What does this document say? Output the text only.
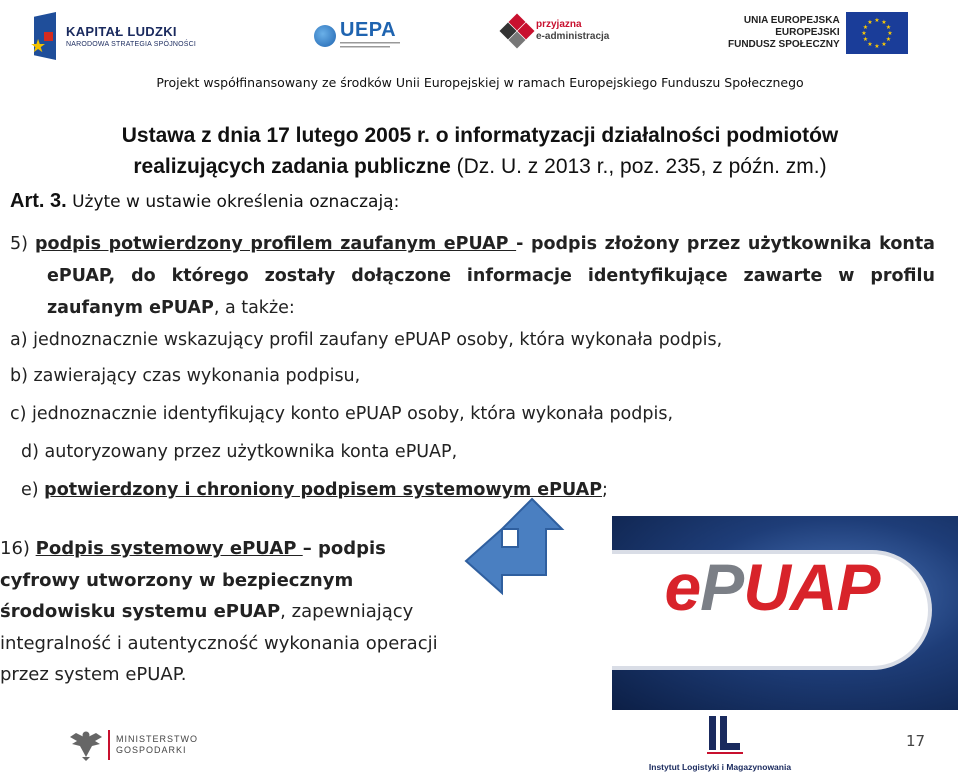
★
KAPITAŁ LUDZKI
NARODOWA STRATEGIA SPÓJNOŚCI
UEPA	przyjazna
e-administracja
UNIA EUROPEJSKA
EUROPEJSKI
FUNDUSZ SPOŁECZNY
★ ★
★
★
★
★
★
★
★
★
★
★
Projekt współfinansowany ze środków Unii Europejskiej w ramach Europejskiego Funduszu Społecznego
Ustawa z dnia 17 lutego 2005 r. o informatyzacji działalności podmiotów
realizujących zadania publiczne (Dz. U. z 2013 r., poz. 235, z późn. zm.)
Art. 3. Użyte w ustawie określenia oznaczają:
5) podpis potwierdzony profilem zaufanym ePUAP - podpis złożony przez użytkownika konta ePUAP, do którego zostały dołączone informacje identyfikujące zawarte w profilu zaufanym ePUAP, a także:
a) jednoznacznie wskazujący profil zaufany ePUAP osoby, która wykonała podpis,
b) zawierający czas wykonania podpisu,
c) jednoznacznie identyfikujący konto ePUAP osoby, która wykonała podpis,
d) autoryzowany przez użytkownika konta ePUAP,
e) potwierdzony i chroniony podpisem systemowym ePUAP;
16) Podpis systemowy ePUAP – podpis cyfrowy utworzony w bezpiecznym środowisku systemu ePUAP, zapewniający integralność i autentyczność wykonania operacji przez system ePUAP.
ePUAP
MINISTERSTWO
GOSPODARKI
Instytut Logistyki i Magazynowania
17
